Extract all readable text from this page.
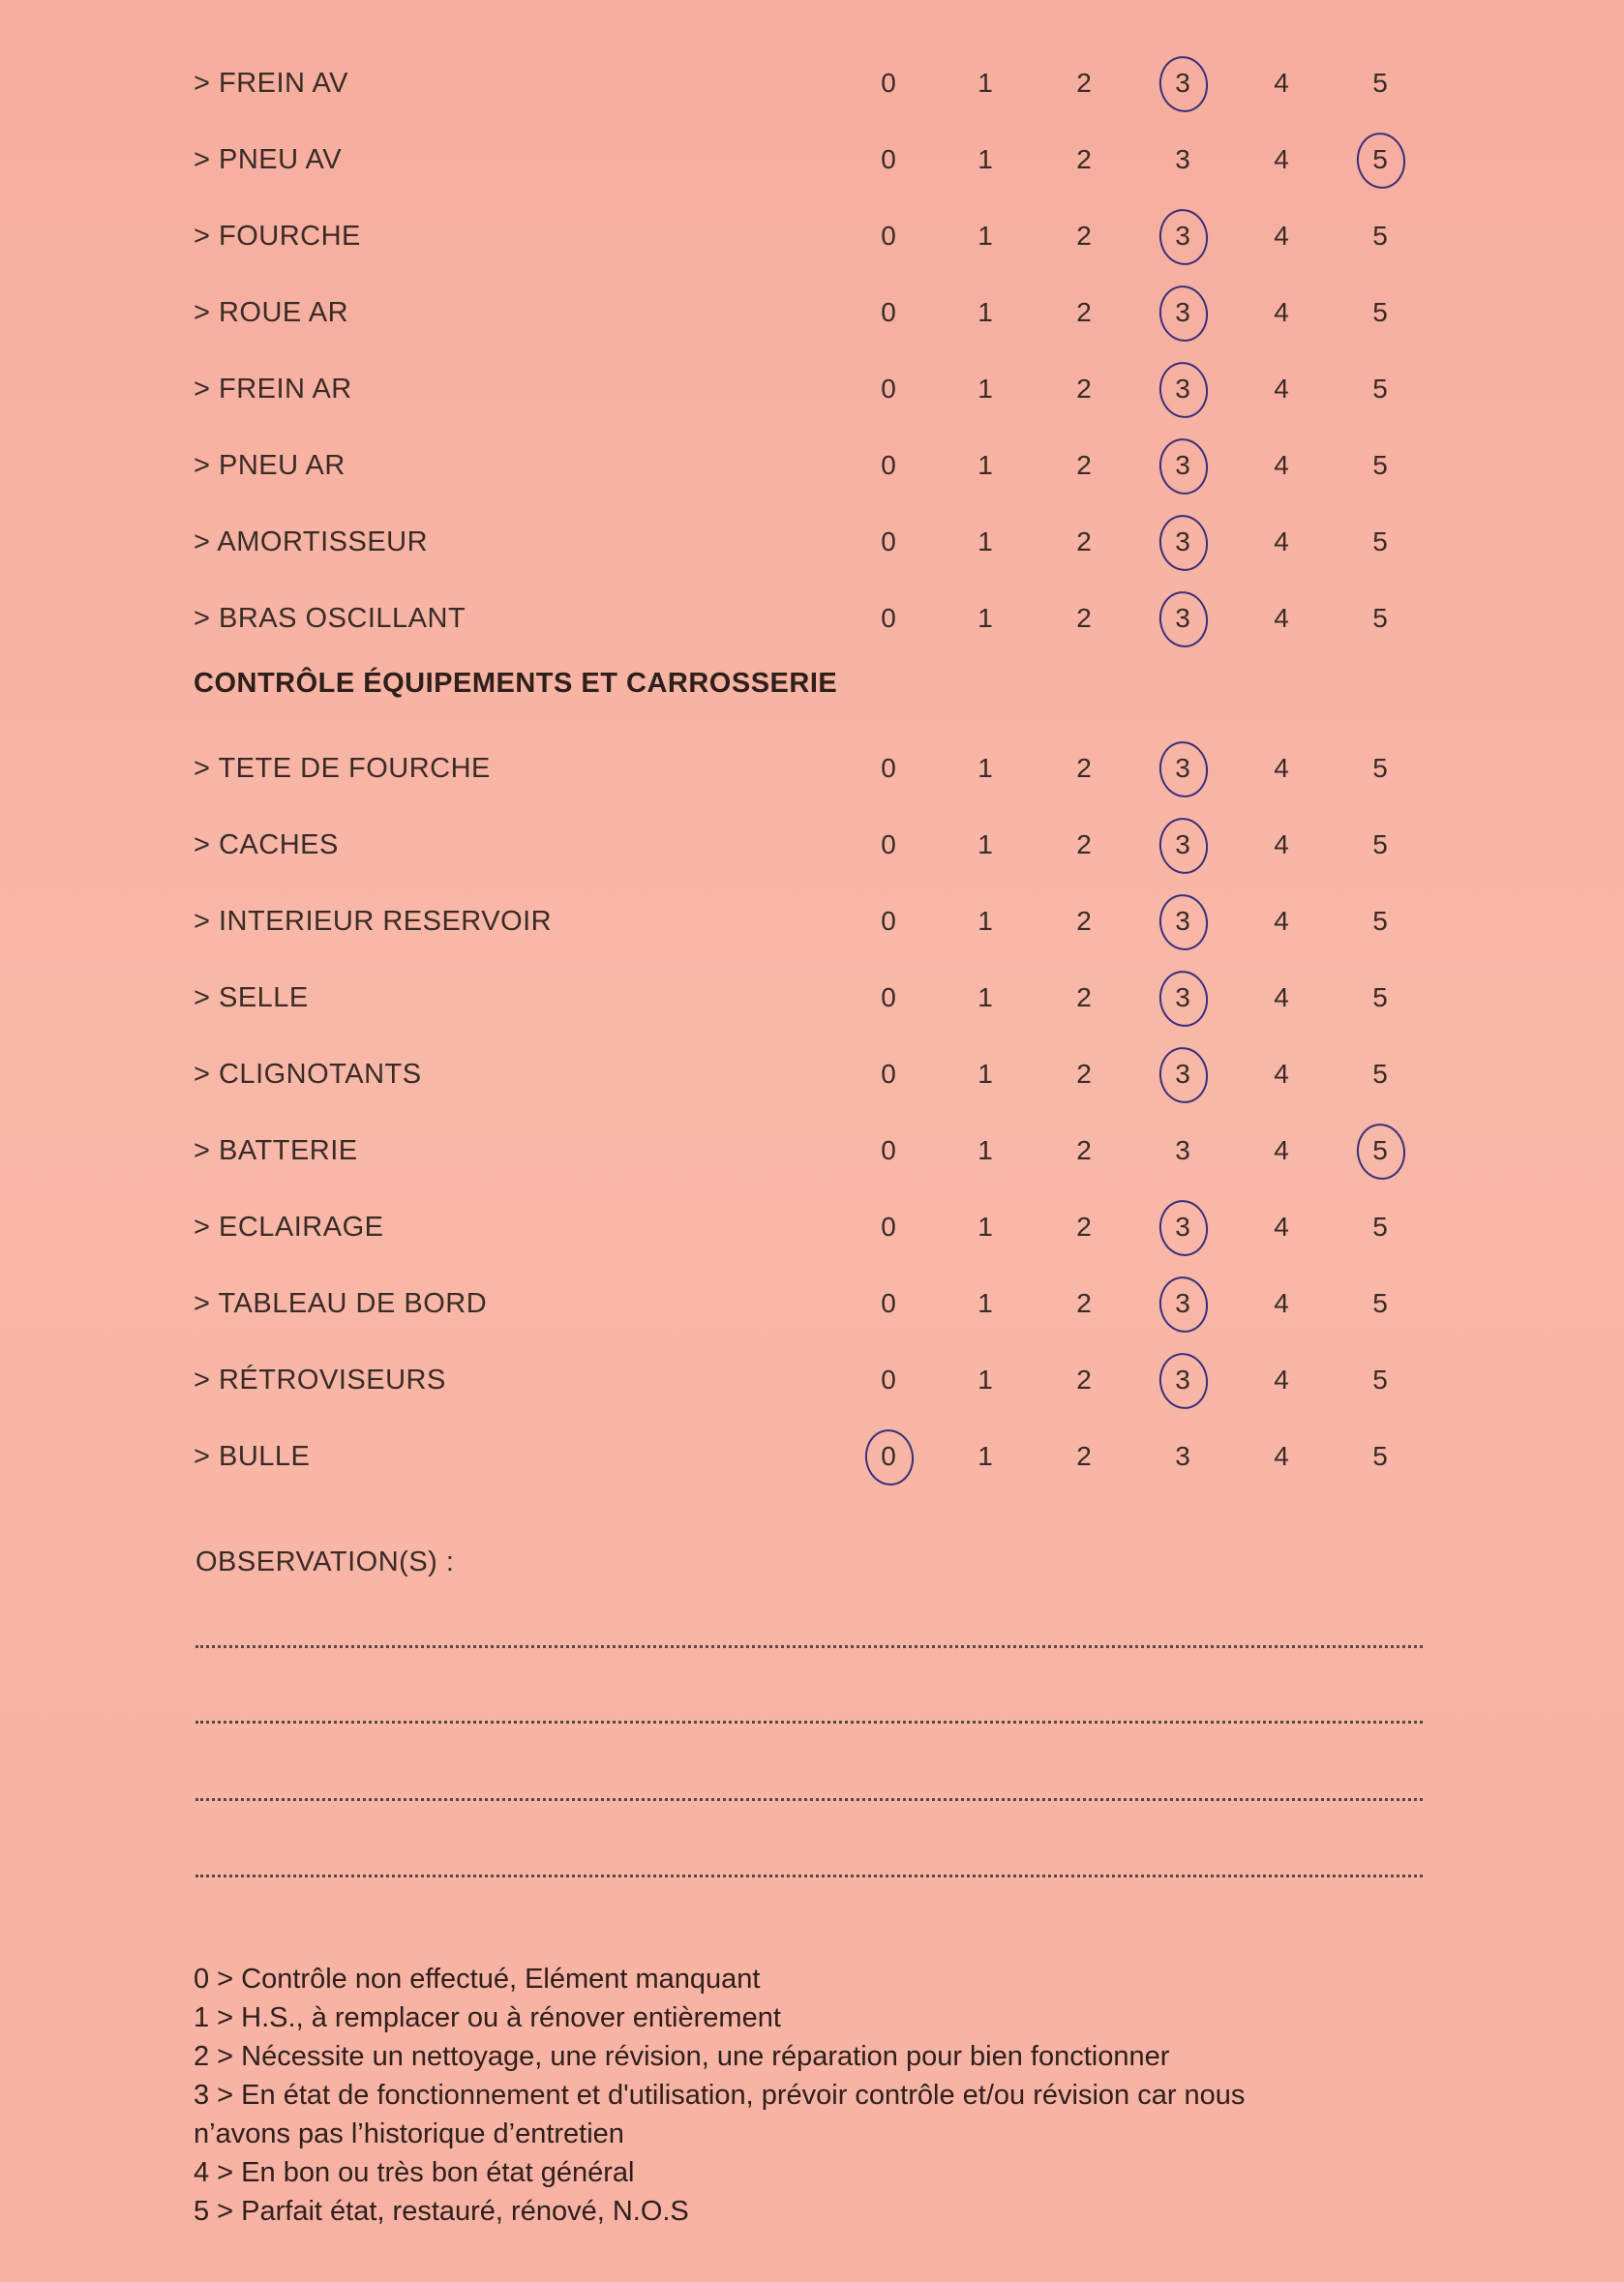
> FREIN AV	0	1	2	3	4	5
> PNEU AV	0	1	2	3	4	5
> FOURCHE	0	1	2	3	4	5
> ROUE AR	0	1	2	3	4	5
> FREIN AR	0	1	2	3	4	5
> PNEU AR	0	1	2	3	4	5
> AMORTISSEUR	0	1	2	3	4	5
> BRAS OSCILLANT	0	1	2	3	4	5
CONTRÔLE ÉQUIPEMENTS ET CARROSSERIE
> TETE DE FOURCHE	0	1	2	3	4	5
> CACHES	0	1	2	3	4	5
> INTERIEUR RESERVOIR	0	1	2	3	4	5
> SELLE	0	1	2	3	4	5
> CLIGNOTANTS	0	1	2	3	4	5
> BATTERIE	0	1	2	3	4	5
> ECLAIRAGE	0	1	2	3	4	5
> TABLEAU DE BORD	0	1	2	3	4	5
> RÉTROVISEURS	0	1	2	3	4	5
> BULLE	0	1	2	3	4	5
OBSERVATION(S) :
0 > Contrôle non effectué, Elément manquant
1 > H.S., à remplacer ou à rénover entièrement
2 > Nécessite un nettoyage, une révision, une réparation pour bien fonctionner
3 > En état de fonctionnement et d'utilisation, prévoir contrôle et/ou révision car nous
n’avons pas l’historique d’entretien
4 > En bon ou très bon état général
5 > Parfait état, restauré, rénové, N.O.S
